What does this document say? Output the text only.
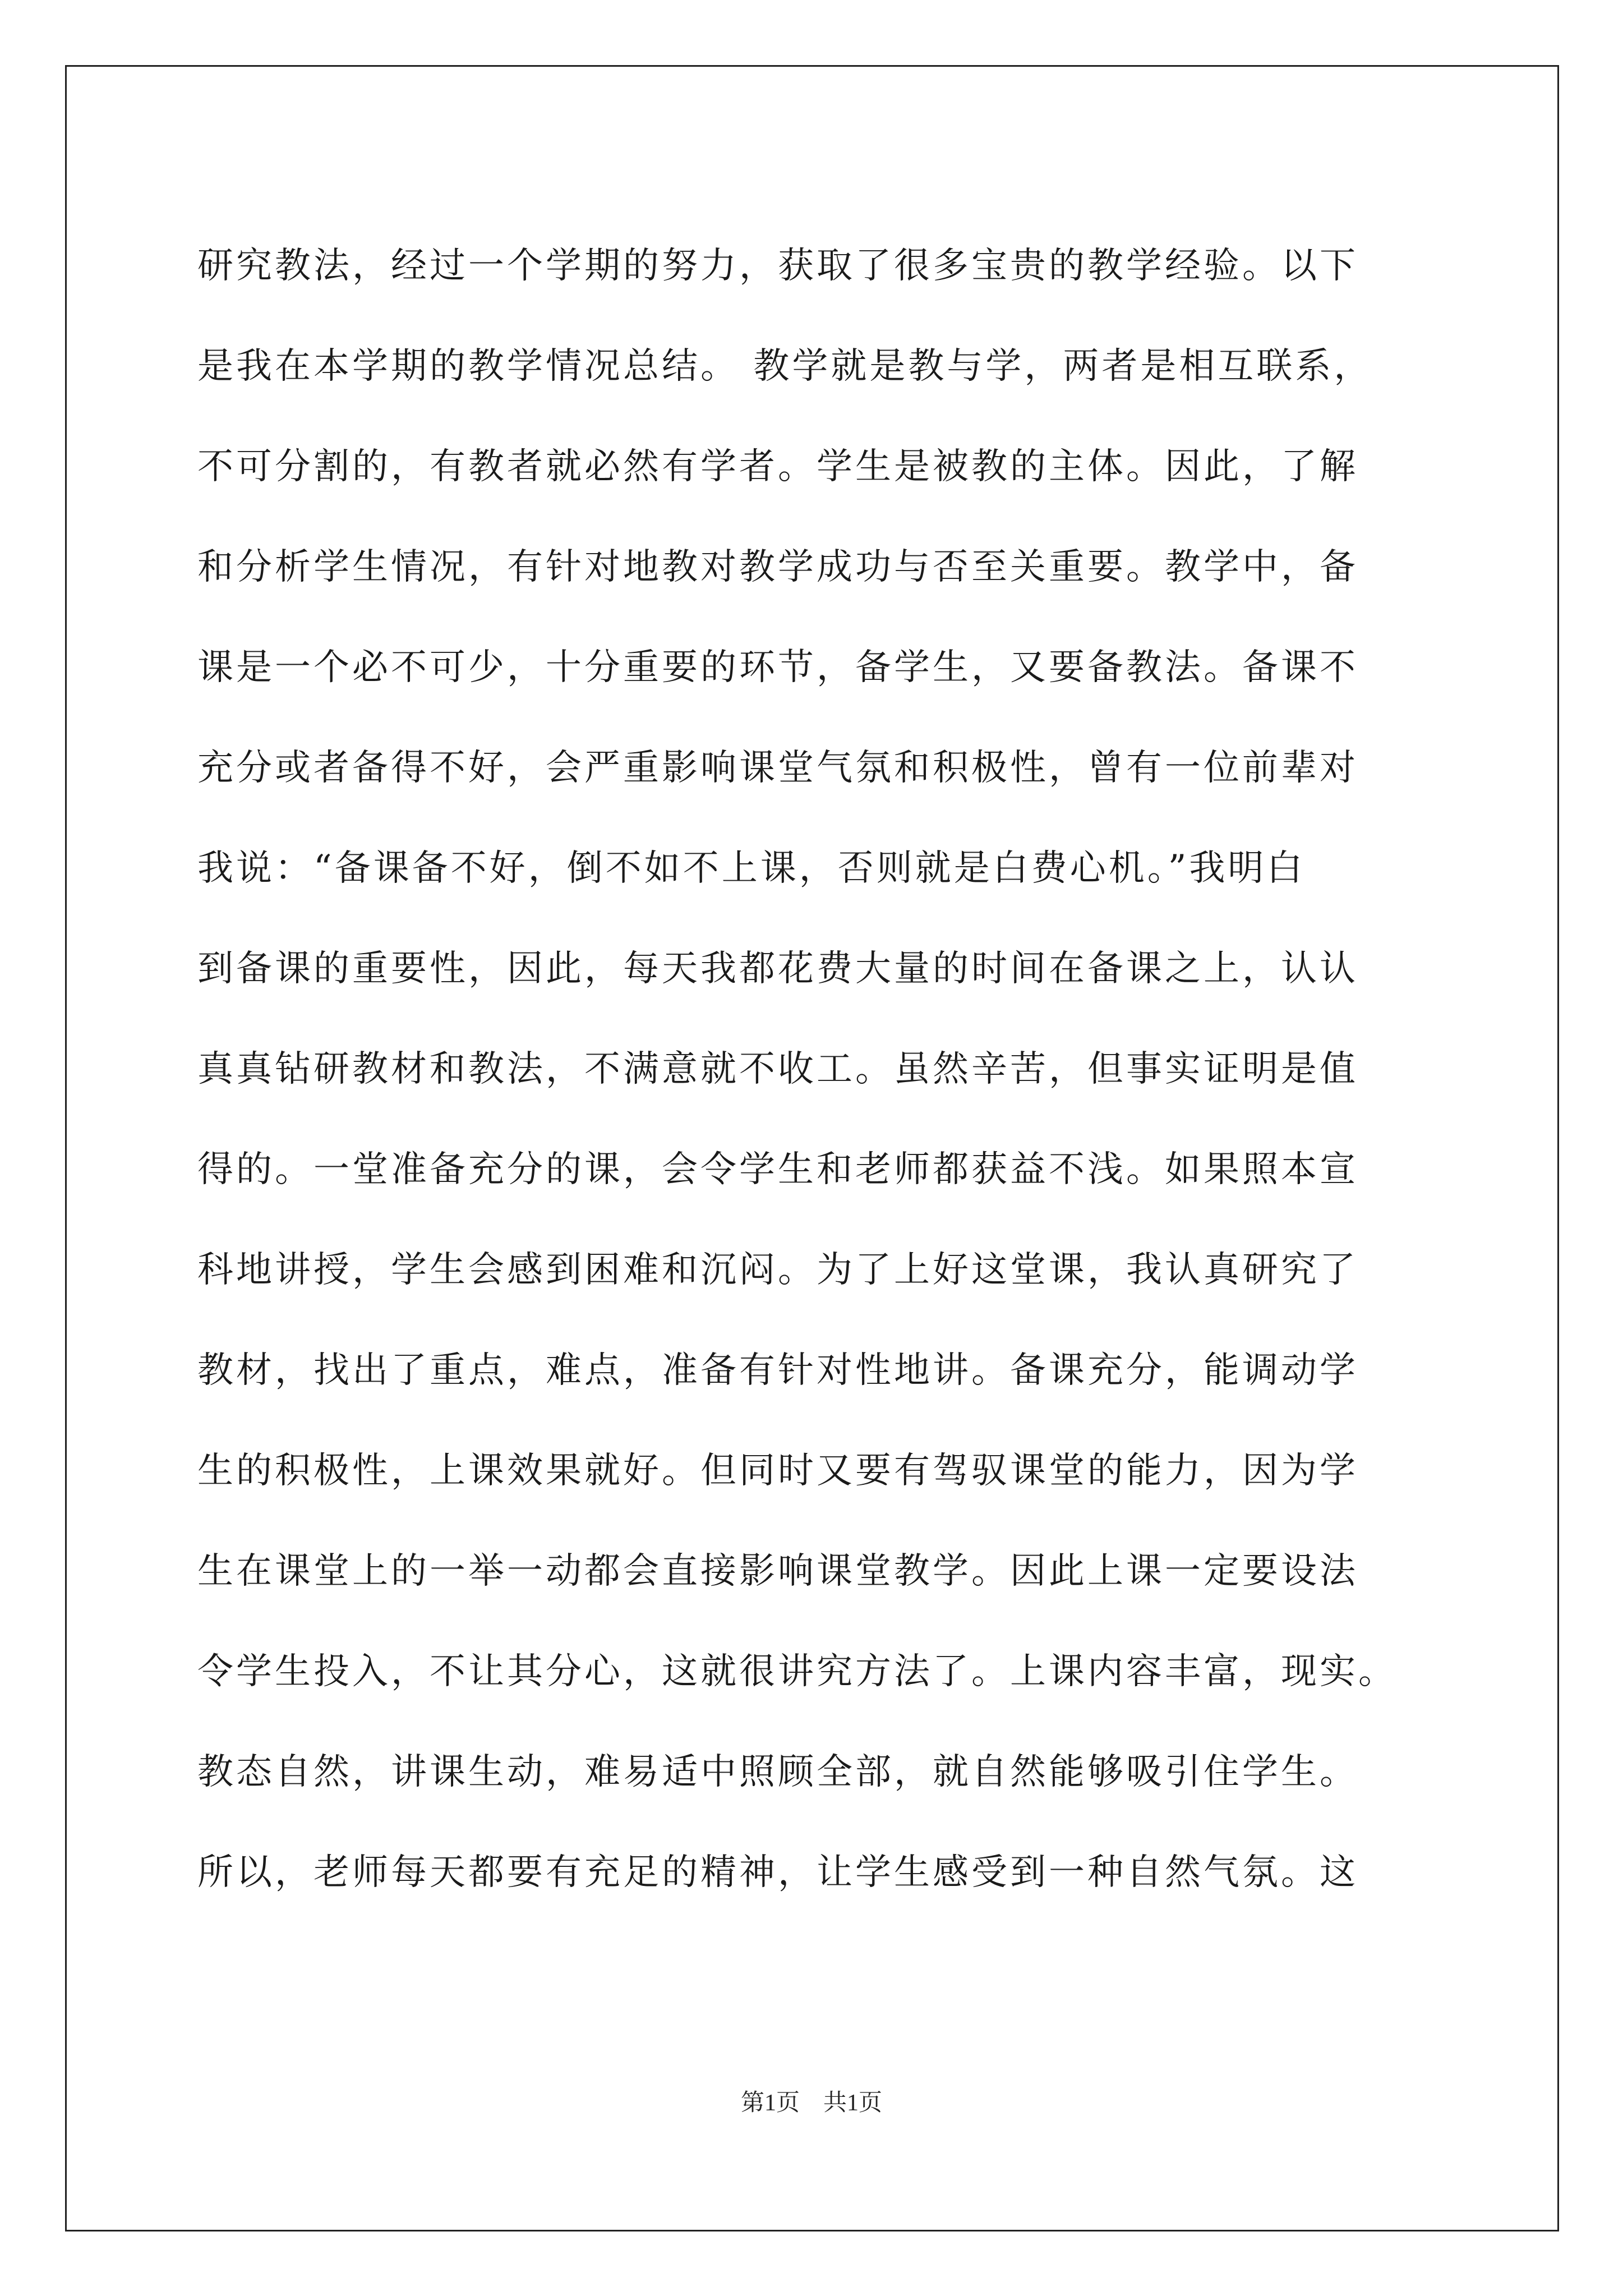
研究教法，经过一个学期的努力，获取了很多宝贵的教学经验。以下
是我在本学期的教学情况总结。 教学就是教与学，两者是相互联系，
不可分割的，有教者就必然有学者。学生是被教的主体。因此，了解
和分析学生情况，有针对地教对教学成功与否至关重要。教学中，备
课是一个必不可少，十分重要的环节，备学生，又要备教法。备课不
充分或者备得不好，会严重影响课堂气氛和积极性，曾有一位前辈对
我说：“备课备不好，倒不如不上课，否则就是白费心机。”我明白
到备课的重要性，因此，每天我都花费大量的时间在备课之上，认认
真真钻研教材和教法，不满意就不收工。虽然辛苦，但事实证明是值
得的。一堂准备充分的课，会令学生和老师都获益不浅。如果照本宣
科地讲授，学生会感到困难和沉闷。为了上好这堂课，我认真研究了
教材，找出了重点，难点，准备有针对性地讲。备课充分，能调动学
生的积极性，上课效果就好。但同时又要有驾驭课堂的能力，因为学
生在课堂上的一举一动都会直接影响课堂教学。因此上课一定要设法
令学生投入，不让其分心，这就很讲究方法了。上课内容丰富，现实。
教态自然，讲课生动，难易适中照顾全部，就自然能够吸引住学生。
所以，老师每天都要有充足的精神，让学生感受到一种自然气氛。这
第1页　共1页
